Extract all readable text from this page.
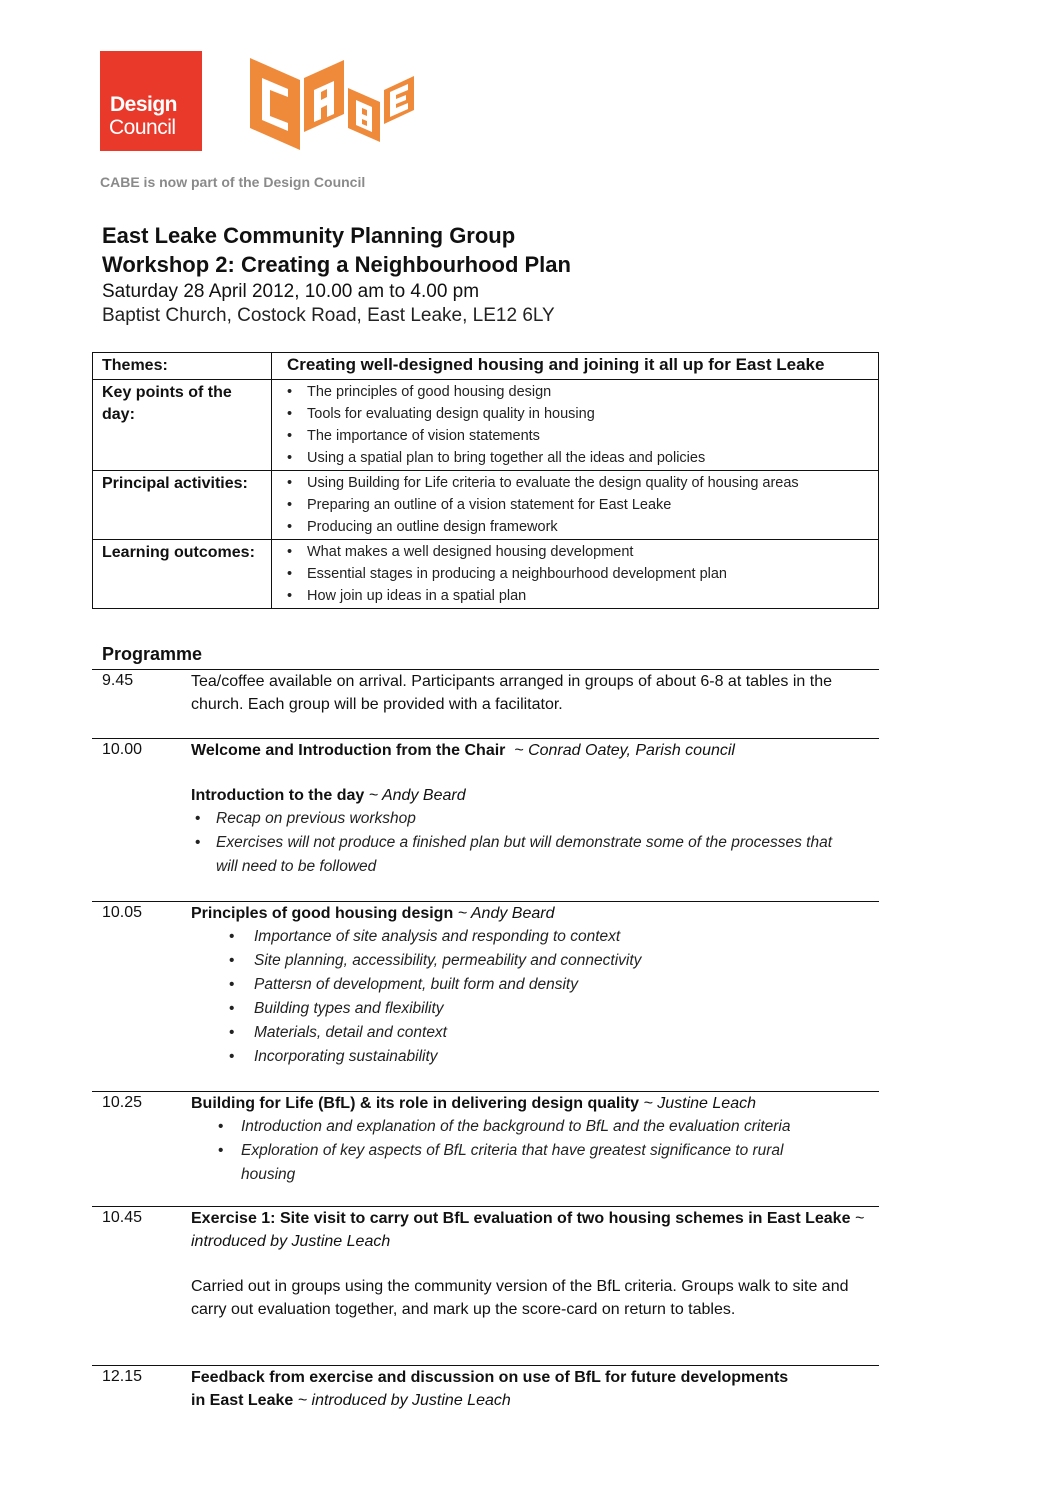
Design
Council
CABE is now part of the Design Council
East Leake Community Planning Group
Workshop 2: Creating a Neighbourhood Plan
Saturday 28 April 2012, 10.00 am to 4.00 pm
Baptist Church, Costock Road, East Leake, LE12 6LY
Themes:	Creating well-designed housing and joining it all up for East Leake

Key points of the day:	
• The principles of good housing design
• Tools for evaluating design quality in housing
• The importance of vision statements
• Using a spatial plan to bring together all the ideas and policies

Principal activities:	
•Using Building for Life criteria to evaluate the design quality of housing areas
• Preparing an outline of a vision statement for East Leake
• Producing an outline design framework

Learning outcomes:	
•What makes a well designed housing development
• Essential stages in producing a neighbourhood development plan
• How join up ideas in a spatial plan
Programme
9.45	Tea/coffee available on arrival. Participants arranged in groups of about 6-8 at tables in the church. Each group will be provided with a facilitator.
10.00	Welcome and Introduction from the Chair ~ Conrad Oatey, Parish council
Introduction to the day ~ Andy Beard
• Recap on previous workshop
• Exercises will not produce a finished plan but will demonstrate some of the processes that will need to be followed
10.05	Principles of good housing design ~ Andy Beard
• Importance of site analysis and responding to context
• Site planning, accessibility, permeability and connectivity
• Pattersn of development, built form and density
• Building types and flexibility
• Materials, detail and context
• Incorporating sustainability
10.25	Building for Life (BfL) & its role in delivering design quality ~ Justine Leach
• Introduction and explanation of the background to BfL and the evaluation criteria
• Exploration of key aspects of BfL criteria that have greatest significance to rural housing
10.45	Exercise 1: Site visit to carry out BfL evaluation of two housing schemes in East Leake ~ introduced by Justine Leach
Carried out in groups using the community version of the BfL criteria. Groups walk to site and carry out evaluation together, and mark up the score-card on return to tables.
12.15	Feedback from exercise and discussion on use of BfL for future developments in East Leake ~ introduced by Justine Leach
